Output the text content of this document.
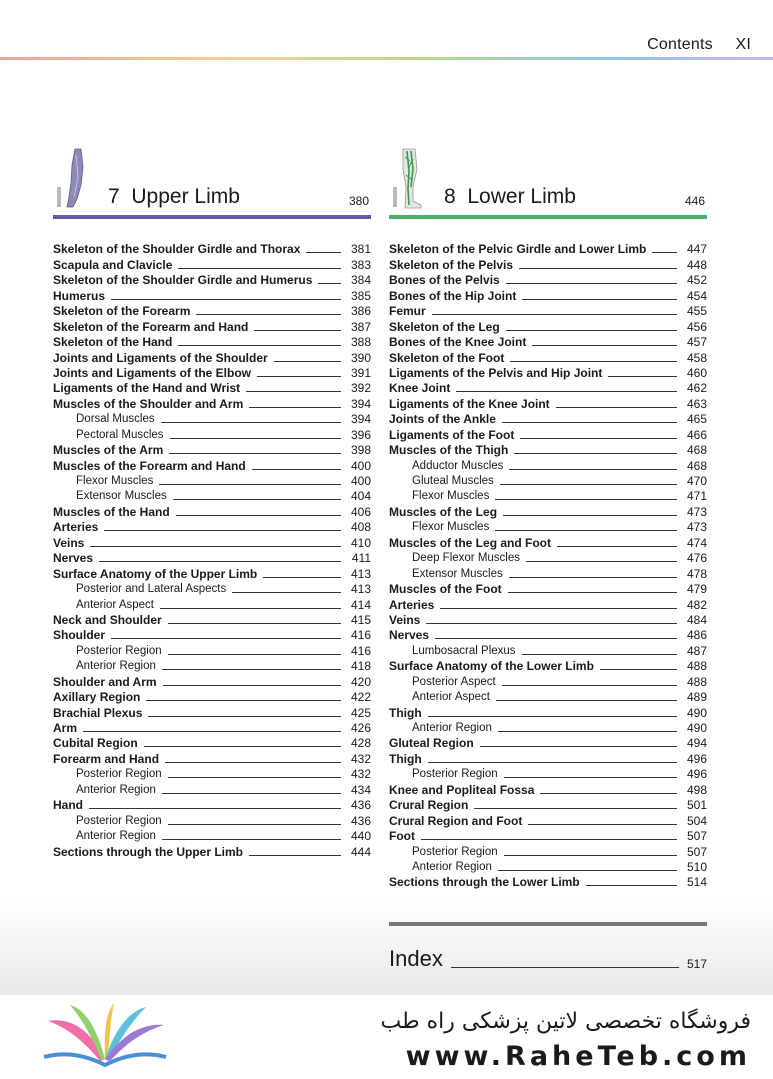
Contents XI
7 Upper Limb	380
Skeleton of the Shoulder Girdle and Thorax	381
Scapula and Clavicle	383
Skeleton of the Shoulder Girdle and Humerus	384
Humerus	385
Skeleton of the Forearm	386
Skeleton of the Forearm and Hand	387
Skeleton of the Hand	388
Joints and Ligaments of the Shoulder	390
Joints and Ligaments of the Elbow	391
Ligaments of the Hand and Wrist	392
Muscles of the Shoulder and Arm	394
Dorsal Muscles	394
Pectoral Muscles	396
Muscles of the Arm	398
Muscles of the Forearm and Hand	400
Flexor Muscles	400
Extensor Muscles	404
Muscles of the Hand	406
Arteries	408
Veins	410
Nerves	411
Surface Anatomy of the Upper Limb	413
Posterior and Lateral Aspects	413
Anterior Aspect	414
Neck and Shoulder	415
Shoulder	416
Posterior Region	416
Anterior Region	418
Shoulder and Arm	420
Axillary Region	422
Brachial Plexus	425
Arm	426
Cubital Region	428
Forearm and Hand	432
Posterior Region	432
Anterior Region	434
Hand	436
Posterior Region	436
Anterior Region	440
Sections through the Upper Limb	444
8 Lower Limb	446
Skeleton of the Pelvic Girdle and Lower Limb	447
Skeleton of the Pelvis	448
Bones of the Pelvis	452
Bones of the Hip Joint	454
Femur	455
Skeleton of the Leg	456
Bones of the Knee Joint	457
Skeleton of the Foot	458
Ligaments of the Pelvis and Hip Joint	460
Knee Joint	462
Ligaments of the Knee Joint	463
Joints of the Ankle	465
Ligaments of the Foot	466
Muscles of the Thigh	468
Adductor Muscles	468
Gluteal Muscles	470
Flexor Muscles	471
Muscles of the Leg	473
Flexor Muscles	473
Muscles of the Leg and Foot	474
Deep Flexor Muscles	476
Extensor Muscles	478
Muscles of the Foot	479
Arteries	482
Veins	484
Nerves	486
Lumbosacral Plexus	487
Surface Anatomy of the Lower Limb	488
Posterior Aspect	488
Anterior Aspect	489
Thigh	490
Anterior Region	490
Gluteal Region	494
Thigh	496
Posterior Region	496
Knee and Popliteal Fossa	498
Crural Region	501
Crural Region and Foot	504
Foot	507
Posterior Region	507
Anterior Region	510
Sections through the Lower Limb	514
Index	517
فروشگاه تخصصی لاتین پزشکی راه طب
www.RaheTeb.com
